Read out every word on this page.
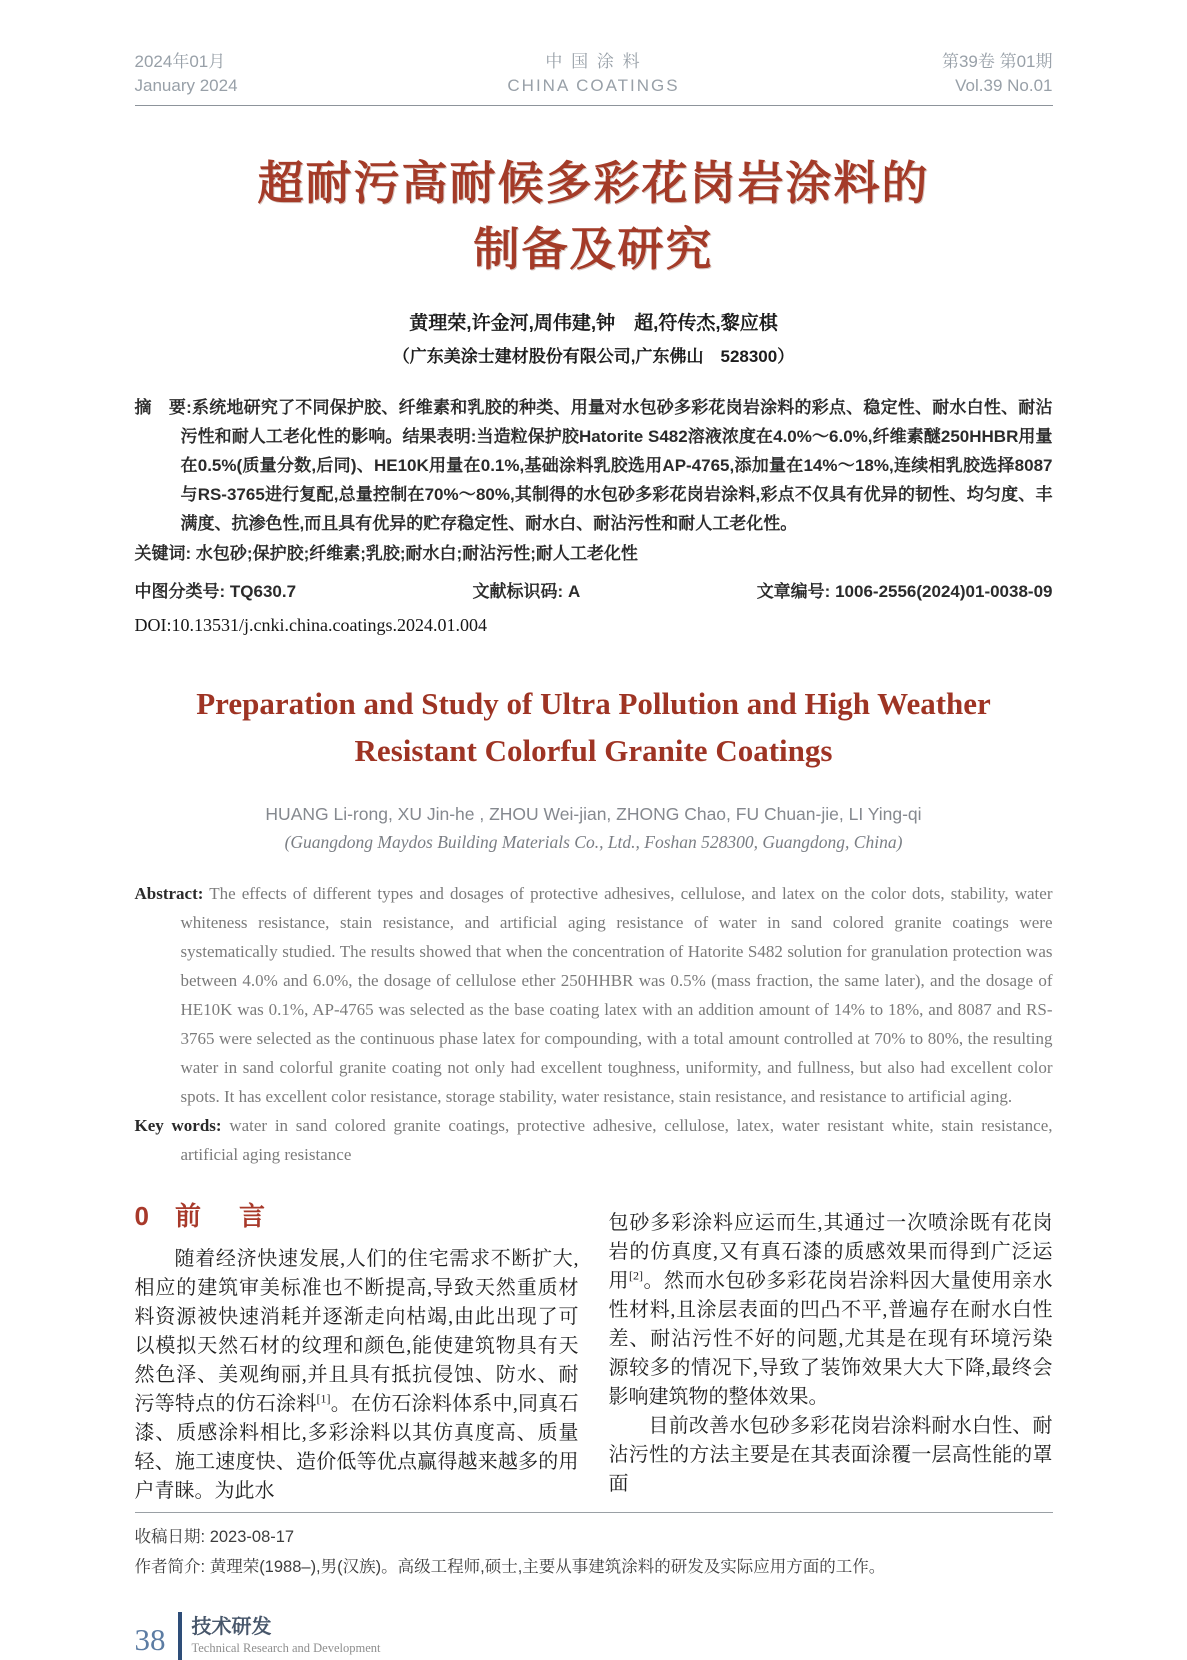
2024年01月
January 2024
中 国 涂 料
CHINA COATINGS
第39卷 第01期
Vol.39 No.01
超耐污高耐候多彩花岗岩涂料的
制备及研究
黄理荣,许金河,周伟建,钟　超,符传杰,黎应棋
（广东美涂士建材股份有限公司,广东佛山　528300）

摘　要:系统地研究了不同保护胶、纤维素和乳胶的种类、用量对水包砂多彩花岗岩涂料的彩点、稳定性、耐水白性、耐沾污性和耐人工老化性的影响。结果表明:当造粒保护胶Hatorite S482溶液浓度在4.0%～6.0%,纤维素醚250HHBR用量在0.5%(质量分数,后同)、HE10K用量在0.1%,基础涂料乳胶选用AP-4765,添加量在14%～18%,连续相乳胶选择8087与RS-3765进行复配,总量控制在70%～80%,其制得的水包砂多彩花岗岩涂料,彩点不仅具有优异的韧性、均匀度、丰满度、抗渗色性,而且具有优异的贮存稳定性、耐水白、耐沾污性和耐人工老化性。

关键词: 水包砂;保护胶;纤维素;乳胶;耐水白;耐沾污性;耐人工老化性

中图分类号: TQ630.7	文献标识码: A	文章编号: 1006-2556(2024)01-0038-09
DOI:10.13531/j.cnki.china.coatings.2024.01.004
Preparation and Study of Ultra Pollution and High Weather
Resistant Colorful Granite Coatings
HUANG Li-rong, XU Jin-he , ZHOU Wei-jian, ZHONG Chao, FU Chuan-jie, LI Ying-qi
(Guangdong Maydos Building Materials Co., Ltd., Foshan 528300, Guangdong, China)

Abstract: The effects of different types and dosages of protective adhesives, cellulose, and latex on the color dots, stability, water whiteness resistance, stain resistance, and artificial aging resistance of water in sand colored granite coatings were systematically studied. The results showed that when the concentration of Hatorite S482 solution for granulation protection was between 4.0% and 6.0%, the dosage of cellulose ether 250HHBR was 0.5% (mass fraction, the same later), and the dosage of HE10K was 0.1%, AP-4765 was selected as the base coating latex with an addition amount of 14% to 18%, and 8087 and RS-3765 were selected as the continuous phase latex for compounding, with a total amount controlled at 70% to 80%, the resulting water in sand colorful granite coating not only had excellent toughness, uniformity, and fullness, but also had excellent color spots. It has excellent color resistance, storage stability, water resistance, stain resistance, and resistance to artificial aging.

Key words: water in sand colored granite coatings, protective adhesive, cellulose, latex, water resistant white, stain resistance, artificial aging resistance

0 前　言

随着经济快速发展,人们的住宅需求不断扩大,相应的建筑审美标准也不断提高,导致天然重质材料资源被快速消耗并逐渐走向枯竭,由此出现了可以模拟天然石材的纹理和颜色,能使建筑物具有天然色泽、美观绚丽,并且具有抵抗侵蚀、防水、耐污等特点的仿石涂料[1]。在仿石涂料体系中,同真石漆、质感涂料相比,多彩涂料以其仿真度高、质量轻、施工速度快、造价低等优点赢得越来越多的用户青睐。为此水

包砂多彩涂料应运而生,其通过一次喷涂既有花岗岩的仿真度,又有真石漆的质感效果而得到广泛运用[2]。然而水包砂多彩花岗岩涂料因大量使用亲水性材料,且涂层表面的凹凸不平,普遍存在耐水白性差、耐沾污性不好的问题,尤其是在现有环境污染源较多的情况下,导致了装饰效果大大下降,最终会影响建筑物的整体效果。

目前改善水包砂多彩花岗岩涂料耐水白性、耐沾污性的方法主要是在其表面涂覆一层高性能的罩面

收稿日期: 2023-08-17
作者简介: 黄理荣(1988–),男(汉族)。高级工程师,硕士,主要从事建筑涂料的研发及实际应用方面的工作。
38 技术研发
Technical Research and Development
